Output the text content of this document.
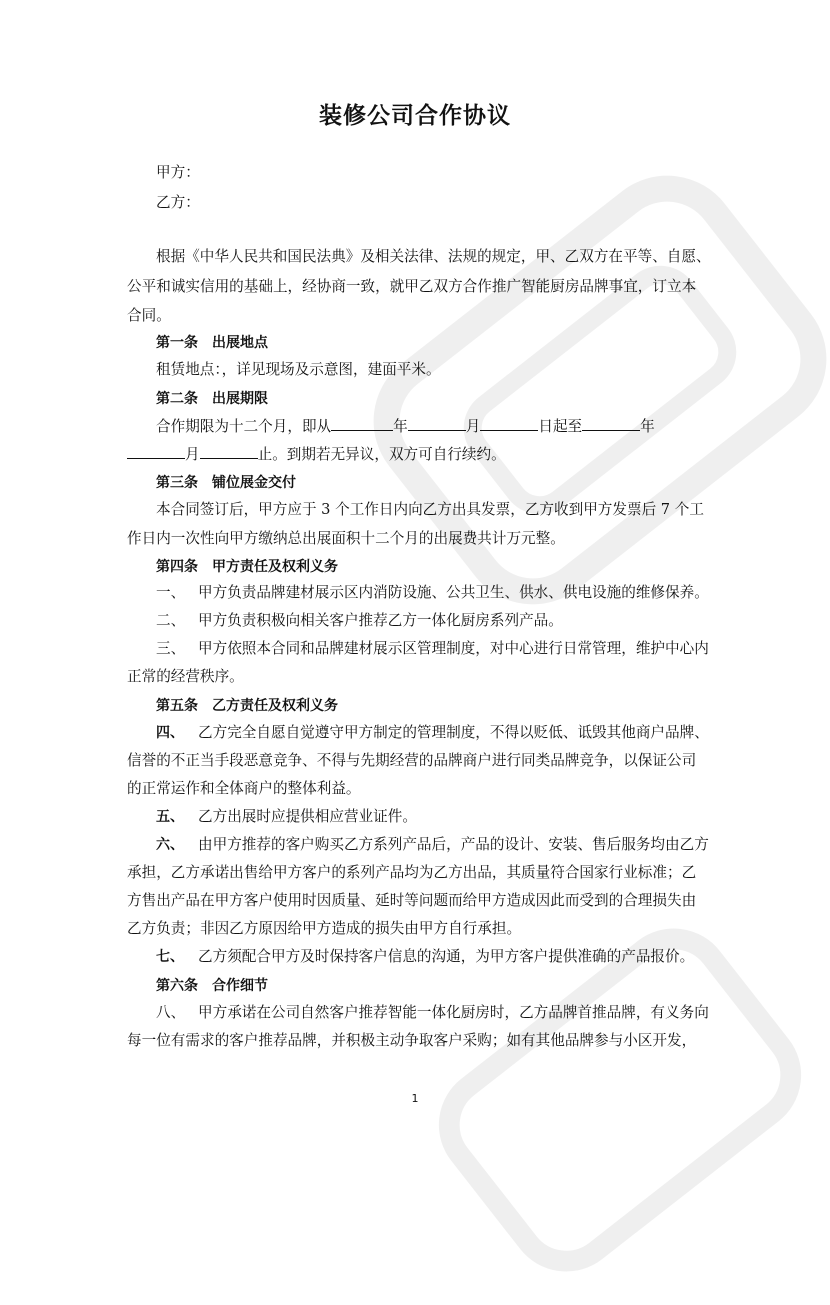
装修公司合作协议
甲方：
乙方：
根据《中华人民共和国民法典》及相关法律、法规的规定，甲、乙双方在平等、自愿、
公平和诚实信用的基础上，经协商一致，就甲乙双方合作推广智能厨房品牌事宜，订立本
合同。
第一条 出展地点
租赁地点：，详见现场及示意图，建面平米。
第二条 出展期限
合作期限为十二个月，即从	年	月	日起至	年
月	止。到期若无异议，双方可自行续约。
第三条 铺位展金交付
本合同签订后，甲方应于 3 个工作日内向乙方出具发票，乙方收到甲方发票后 7 个工
作日内一次性向甲方缴纳总出展面积十二个月的出展费共计万元整。
第四条 甲方责任及权利义务
一、 甲方负责品牌建材展示区内消防设施、公共卫生、供水、供电设施的维修保养。
二、 甲方负责积极向相关客户推荐乙方一体化厨房系列产品。
三、 甲方依照本合同和品牌建材展示区管理制度，对中心进行日常管理，维护中心内
正常的经营秩序。
第五条 乙方责任及权利义务
四、 乙方完全自愿自觉遵守甲方制定的管理制度，不得以贬低、诋毁其他商户品牌、
信誉的不正当手段恶意竞争、不得与先期经营的品牌商户进行同类品牌竞争，以保证公司
的正常运作和全体商户的整体利益。
五、 乙方出展时应提供相应营业证件。
六、 由甲方推荐的客户购买乙方系列产品后，产品的设计、安装、售后服务均由乙方
承担，乙方承诺出售给甲方客户的系列产品均为乙方出品，其质量符合国家行业标准；乙
方售出产品在甲方客户使用时因质量、延时等问题而给甲方造成因此而受到的合理损失由
乙方负责；非因乙方原因给甲方造成的损失由甲方自行承担。
七、 乙方须配合甲方及时保持客户信息的沟通，为甲方客户提供准确的产品报价。
第六条 合作细节
八、 甲方承诺在公司自然客户推荐智能一体化厨房时，乙方品牌首推品牌，有义务向
每一位有需求的客户推荐品牌，并积极主动争取客户采购；如有其他品牌参与小区开发，
1
